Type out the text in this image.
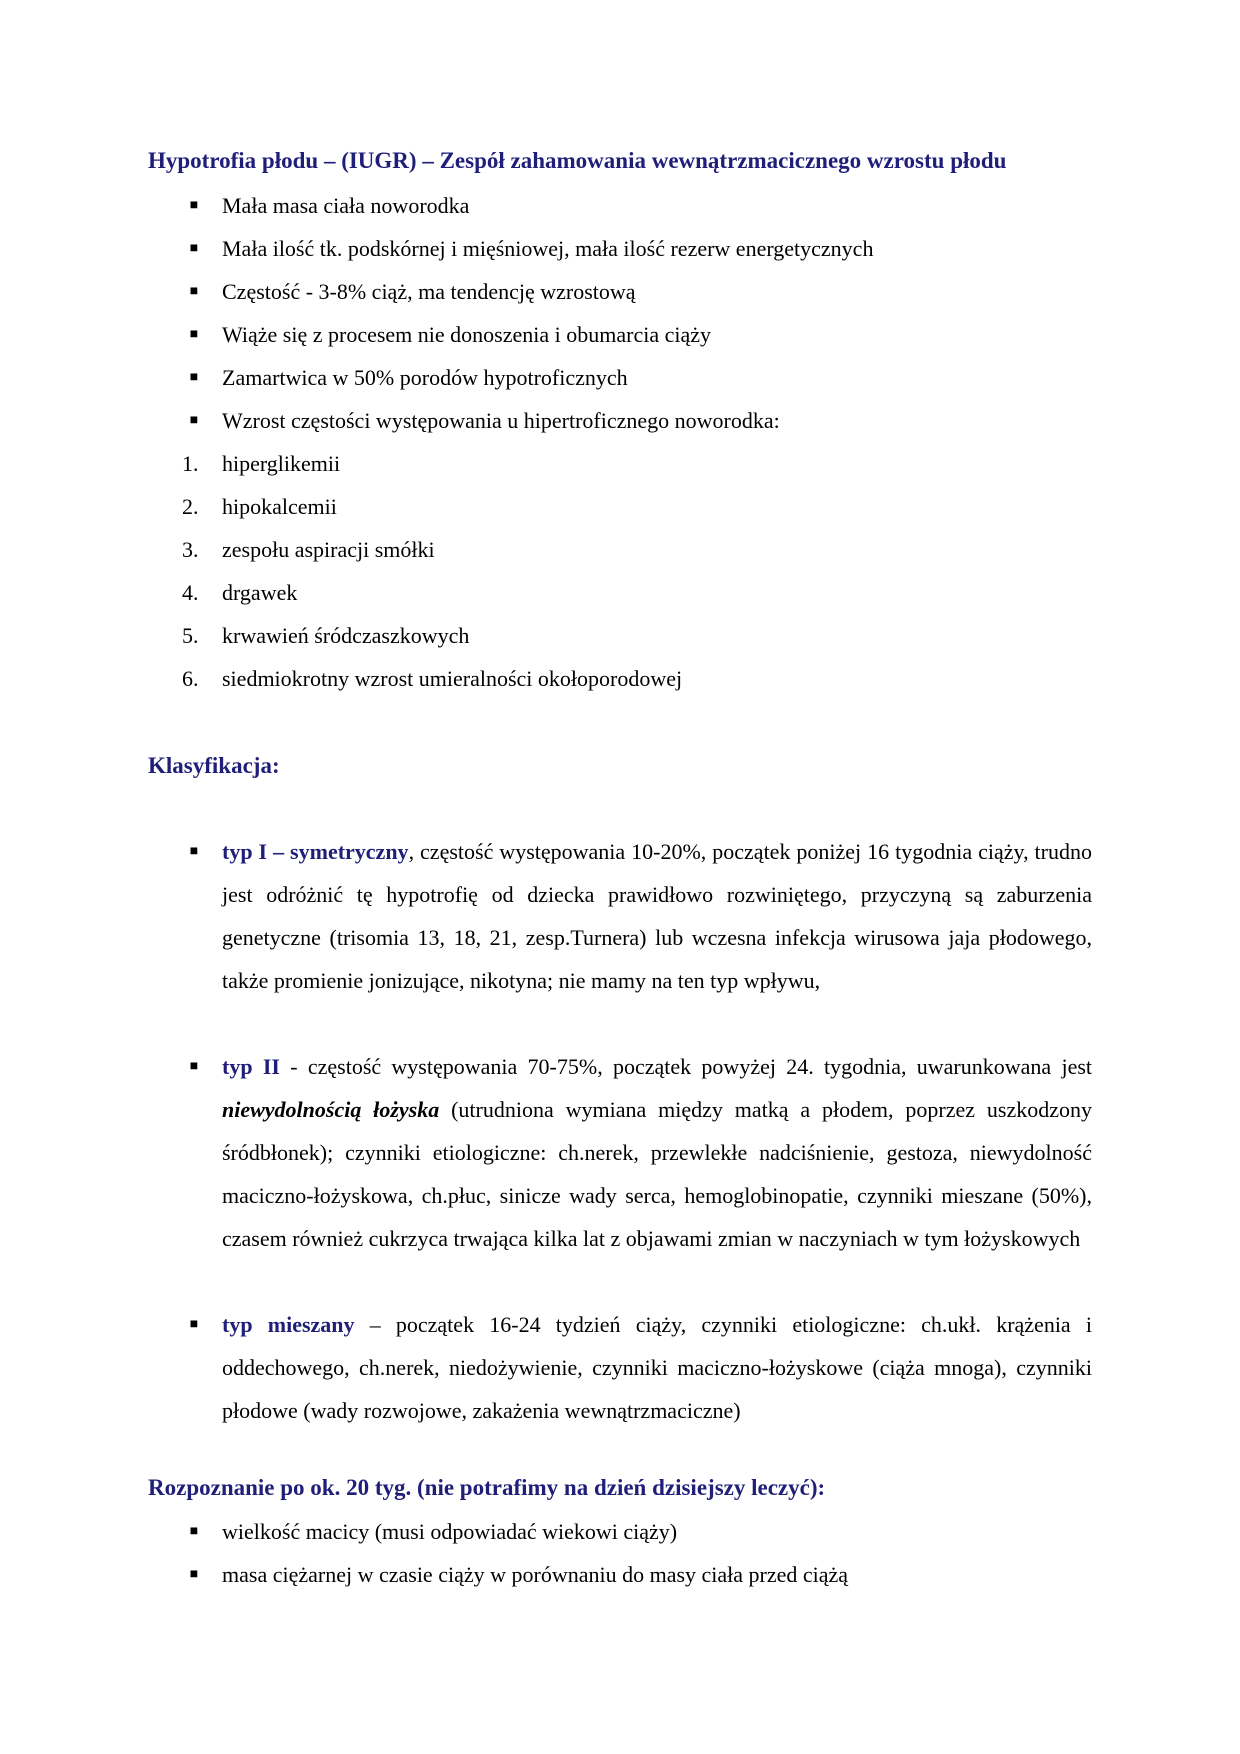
Hypotrofia płodu – (IUGR) – Zespół zahamowania wewnątrzmacicznego wzrostu płodu
■ Mała masa ciała noworodka
■ Mała ilość tk. podskórnej i mięśniowej, mała ilość rezerw energetycznych
■ Częstość - 3-8% ciąż, ma tendencję wzrostową
■ Wiąże się z procesem nie donoszenia i obumarcia ciąży
■ Zamartwica w 50% porodów hypotroficznych
■ Wzrost częstości występowania u hipertroficznego noworodka:
1.	hiperglikemii
2.	hipokalcemii
3.	zespołu aspiracji smółki
4.	drgawek
5.	krwawień śródczaszkowych
6.	siedmiokrotny wzrost umieralności okołoporodowej
Klasyfikacja:
■ typ I – symetryczny, częstość występowania 10-20%, początek poniżej 16 tygodnia ciąży, trudno jest odróżnić tę hypotrofię od dziecka prawidłowo rozwiniętego, przyczyną są zaburzenia genetyczne (trisomia 13, 18, 21, zesp.Turnera) lub wczesna infekcja wirusowa jaja płodowego, także promienie jonizujące, nikotyna; nie mamy na ten typ wpływu,
■ typ II - częstość występowania 70-75%, początek powyżej 24. tygodnia, uwarunkowana jest niewydolnością łożyska (utrudniona wymiana między matką a płodem, poprzez uszkodzony śródbłonek); czynniki etiologiczne: ch.nerek, przewlekłe nadciśnienie, gestoza, niewydolność maciczno-łożyskowa, ch.płuc, sinicze wady serca, hemoglobinopatie, czynniki mieszane (50%), czasem również cukrzyca trwająca kilka lat z objawami zmian w naczyniach w tym łożyskowych
■ typ mieszany – początek 16-24 tydzień ciąży, czynniki etiologiczne: ch.ukł. krążenia i oddechowego, ch.nerek, niedożywienie, czynniki maciczno-łożyskowe (ciąża mnoga), czynniki płodowe (wady rozwojowe, zakażenia wewnątrzmaciczne)
Rozpoznanie po ok. 20 tyg. (nie potrafimy na dzień dzisiejszy leczyć):
■ wielkość macicy (musi odpowiadać wiekowi ciąży)
■ masa ciężarnej w czasie ciąży w porównaniu do masy ciała przed ciążą
